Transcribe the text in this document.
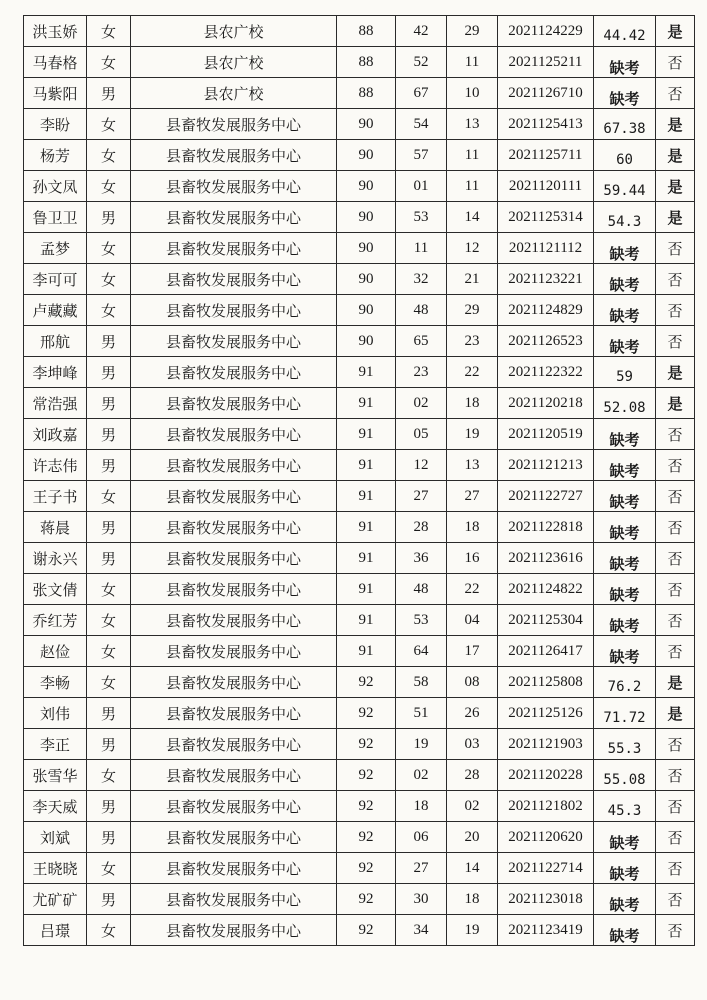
洪玉娇	女	县农广校	88	42	29	2021124229	44.42	是
马春格	女	县农广校	88	52	11	2021125211	缺考	否
马紫阳	男	县农广校	88	67	10	2021126710	缺考	否
李盼	女	县畜牧发展服务中心	90	54	13	2021125413	67.38	是
杨芳	女	县畜牧发展服务中心	90	57	11	2021125711	60	是
孙文凤	女	县畜牧发展服务中心	90	01	11	2021120111	59.44	是
鲁卫卫	男	县畜牧发展服务中心	90	53	14	2021125314	54.3	是
孟梦	女	县畜牧发展服务中心	90	11	12	2021121112	缺考	否
李可可	女	县畜牧发展服务中心	90	32	21	2021123221	缺考	否
卢藏藏	女	县畜牧发展服务中心	90	48	29	2021124829	缺考	否
邢航	男	县畜牧发展服务中心	90	65	23	2021126523	缺考	否
李坤峰	男	县畜牧发展服务中心	91	23	22	2021122322	59	是
常浩强	男	县畜牧发展服务中心	91	02	18	2021120218	52.08	是
刘政嘉	男	县畜牧发展服务中心	91	05	19	2021120519	缺考	否
许志伟	男	县畜牧发展服务中心	91	12	13	2021121213	缺考	否
王子书	女	县畜牧发展服务中心	91	27	27	2021122727	缺考	否
蒋晨	男	县畜牧发展服务中心	91	28	18	2021122818	缺考	否
谢永兴	男	县畜牧发展服务中心	91	36	16	2021123616	缺考	否
张文倩	女	县畜牧发展服务中心	91	48	22	2021124822	缺考	否
乔红芳	女	县畜牧发展服务中心	91	53	04	2021125304	缺考	否
赵俭	女	县畜牧发展服务中心	91	64	17	2021126417	缺考	否
李畅	女	县畜牧发展服务中心	92	58	08	2021125808	76.2	是
刘伟	男	县畜牧发展服务中心	92	51	26	2021125126	71.72	是
李正	男	县畜牧发展服务中心	92	19	03	2021121903	55.3	否
张雪华	女	县畜牧发展服务中心	92	02	28	2021120228	55.08	否
李天威	男	县畜牧发展服务中心	92	18	02	2021121802	45.3	否
刘斌	男	县畜牧发展服务中心	92	06	20	2021120620	缺考	否
王晓晓	女	县畜牧发展服务中心	92	27	14	2021122714	缺考	否
尤矿矿	男	县畜牧发展服务中心	92	30	18	2021123018	缺考	否
吕璟	女	县畜牧发展服务中心	92	34	19	2021123419	缺考	否
